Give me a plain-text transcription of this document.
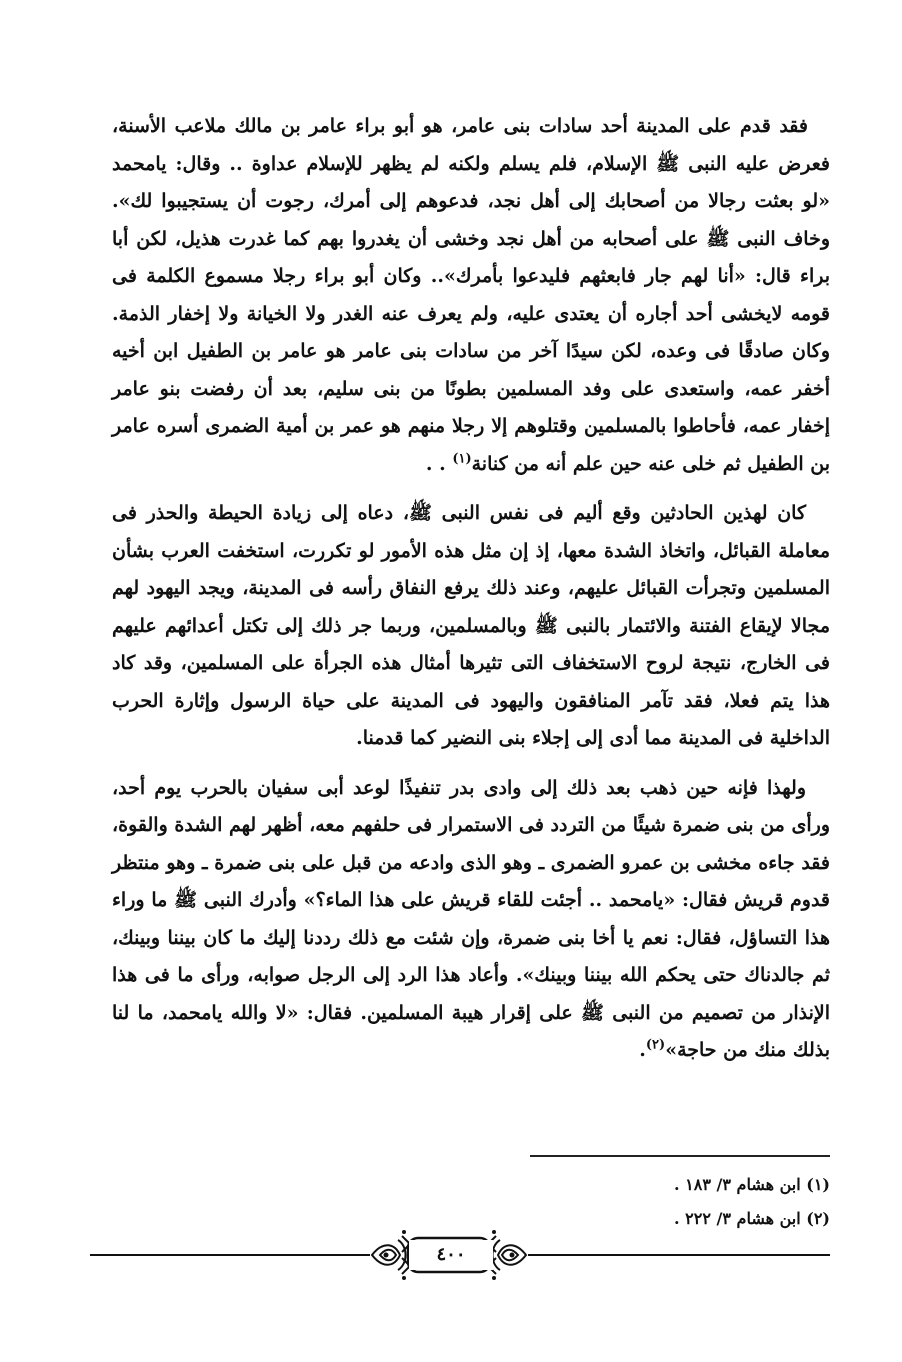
فقد قدم على المدينة أحد سادات بنى عامر، هو أبو براء عامر بن مالك ملاعب الأسنة، فعرض عليه النبى ﷺ الإسلام، فلم يسلم ولكنه لم يظهر للإسلام عداوة .. وقال: يامحمد «لو بعثت رجالا من أصحابك إلى أهل نجد، فدعوهم إلى أمرك، رجوت أن يستجيبوا لك». وخاف النبى ﷺ على أصحابه من أهل نجد وخشى أن يغدروا بهم كما غدرت هذيل، لكن أبا براء قال: «أنا لهم جار فابعثهم فليدعوا بأمرك».. وكان أبو براء رجلا مسموع الكلمة فى قومه لايخشى أحد أجاره أن يعتدى عليه، ولم يعرف عنه الغدر ولا الخيانة ولا إخفار الذمة. وكان صادقًا فى وعده، لكن سيدًا آخر من سادات بنى عامر هو عامر بن الطفيل ابن أخيه أخفر عمه، واستعدى على وفد المسلمين بطونًا من بنى سليم، بعد أن رفضت بنو عامر إخفار عمه، فأحاطوا بالمسلمين وقتلوهم إلا رجلا منهم هو عمر بن أمية الضمرى أسره عامر بن الطفيل ثم خلى عنه حين علم أنه من كنانة$^{(١)}$ . .

كان لهذين الحادثين وقع أليم فى نفس النبى ﷺ، دعاه إلى زيادة الحيطة والحذر فى معاملة القبائل، واتخاذ الشدة معها، إذ إن مثل هذه الأمور لو تكررت، استخفت العرب بشأن المسلمين وتجرأت القبائل عليهم، وعند ذلك يرفع النفاق رأسه فى المدينة، ويجد اليهود لهم مجالا لإيقاع الفتنة والائتمار بالنبى ﷺ وبالمسلمين، وربما جر ذلك إلى تكتل أعدائهم عليهم فى الخارج، نتيجة لروح الاستخفاف التى تثيرها أمثال هذه الجرأة على المسلمين، وقد كاد هذا يتم فعلا، فقد تآمر المنافقون واليهود فى المدينة على حياة الرسول وإثارة الحرب الداخلية فى المدينة مما أدى إلى إجلاء بنى النضير كما قدمنا.

ولهذا فإنه حين ذهب بعد ذلك إلى وادى بدر تنفيذًا لوعد أبى سفيان بالحرب يوم أحد، ورأى من بنى ضمرة شيئًا من التردد فى الاستمرار فى حلفهم معه، أظهر لهم الشدة والقوة، فقد جاءه مخشى بن عمرو الضمرى ـ وهو الذى وادعه من قبل على بنى ضمرة ـ وهو منتظر قدوم قريش فقال: «يامحمد .. أجئت للقاء قريش على هذا الماء؟» وأدرك النبى ﷺ ما وراء هذا التساؤل، فقال: نعم يا أخا بنى ضمرة، وإن شئت مع ذلك رددنا إليك ما كان بيننا وبينك، ثم جالدناك حتى يحكم الله بيننا وبينك». وأعاد هذا الرد إلى الرجل صوابه، ورأى ما فى هذا الإنذار من تصميم من النبى ﷺ على إقرار هيبة المسلمين. فقال: «لا والله يامحمد، ما لنا بذلك منك من حاجة»$^{(٢)}$.

(١) ابن هشام ٣/ ١٨٣ .

(٢) ابن هشام ٣/ ٢٢٢ .

٤٠٠
